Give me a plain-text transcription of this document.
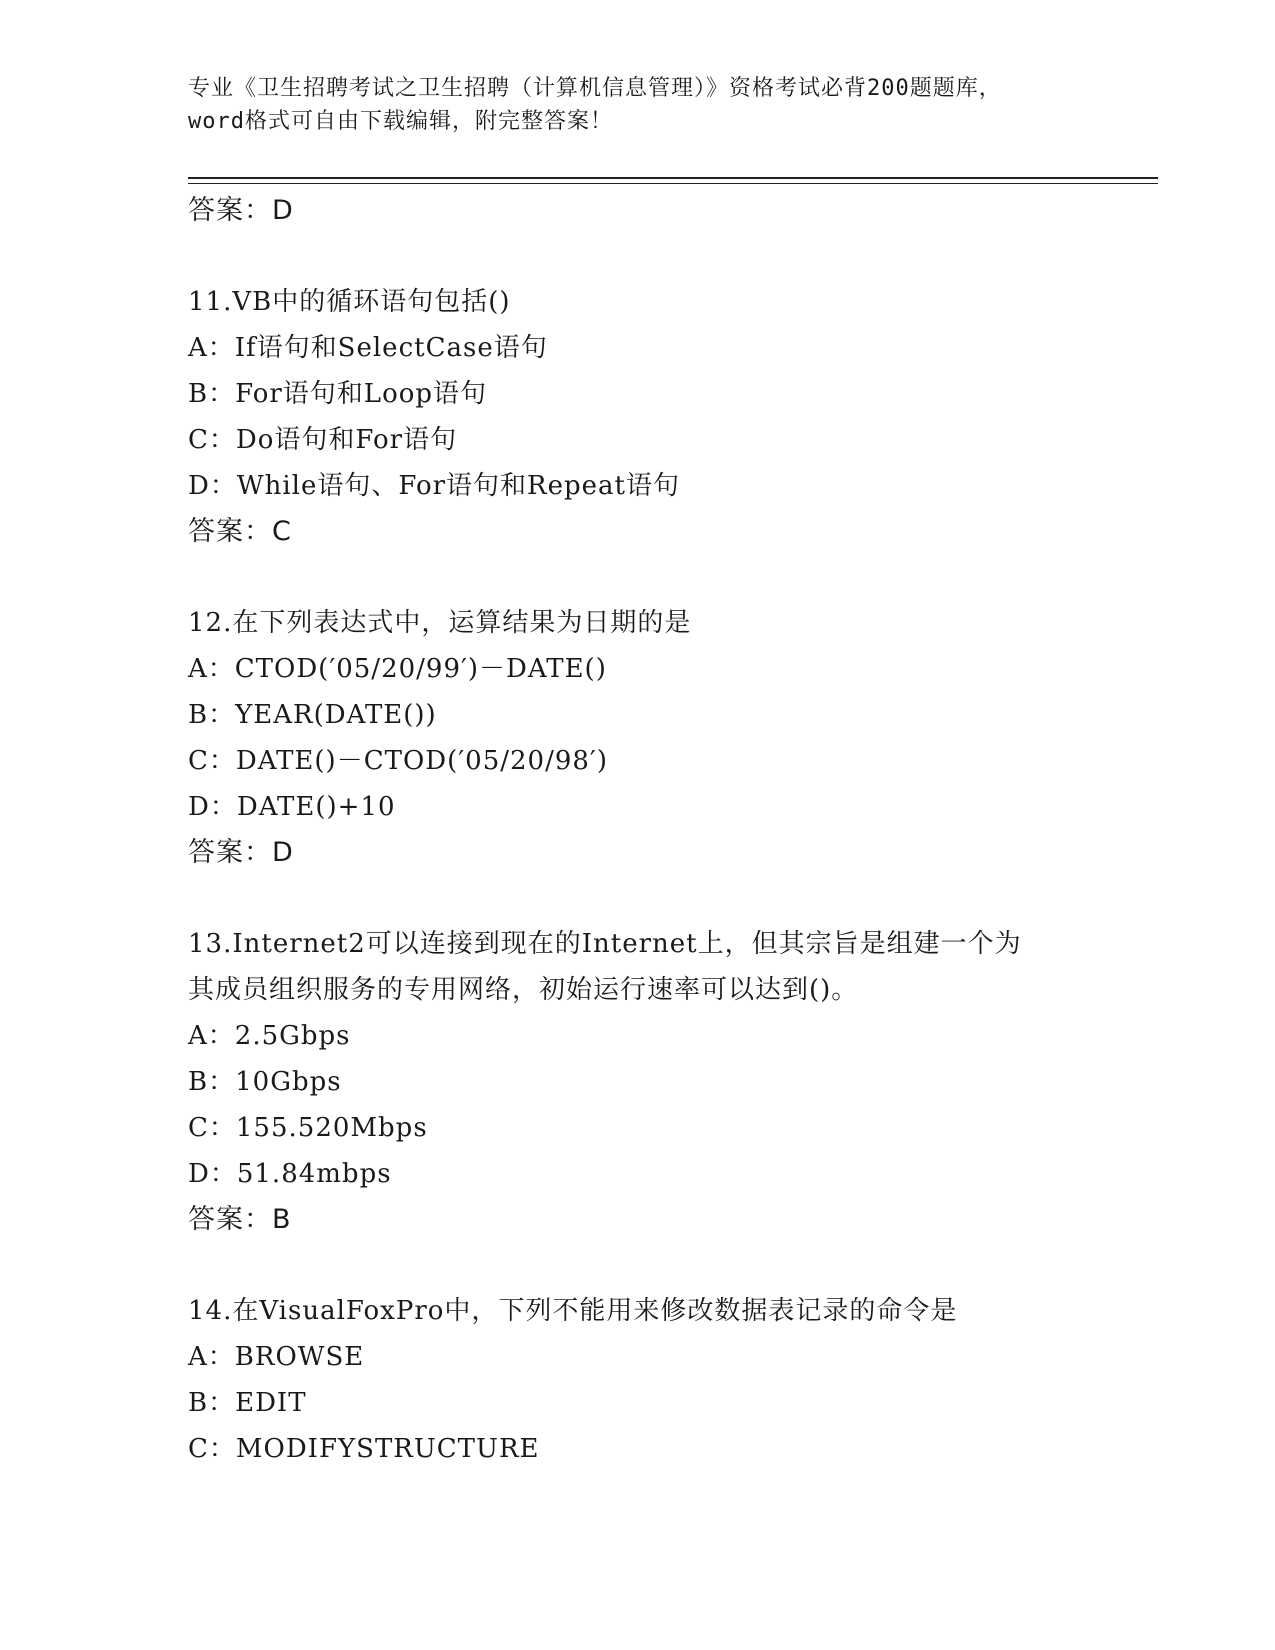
专业《卫生招聘考试之卫生招聘（计算机信息管理）》资格考试必背200题题库，
word格式可自由下载编辑，附完整答案！
答案：D
11.VB中的循环语句包括()
A：If语句和SelectCase语句
B：For语句和Loop语句
C：Do语句和For语句
D：While语句、For语句和Repeat语句
答案：C
12.在下列表达式中，运算结果为日期的是
A：CTOD(′05/20/99′)－DATE()
B：YEAR(DATE())
C：DATE()－CTOD(′05/20/98′)
D：DATE()+10
答案：D
13.Internet2可以连接到现在的Internet上，但其宗旨是组建一个为
其成员组织服务的专用网络，初始运行速率可以达到()。
A：2.5Gbps
B：10Gbps
C：155.520Mbps
D：51.84mbps
答案：B
14.在VisualFoxPro中，下列不能用来修改数据表记录的命令是
A：BROWSE
B：EDIT
C：MODIFYSTRUCTURE
